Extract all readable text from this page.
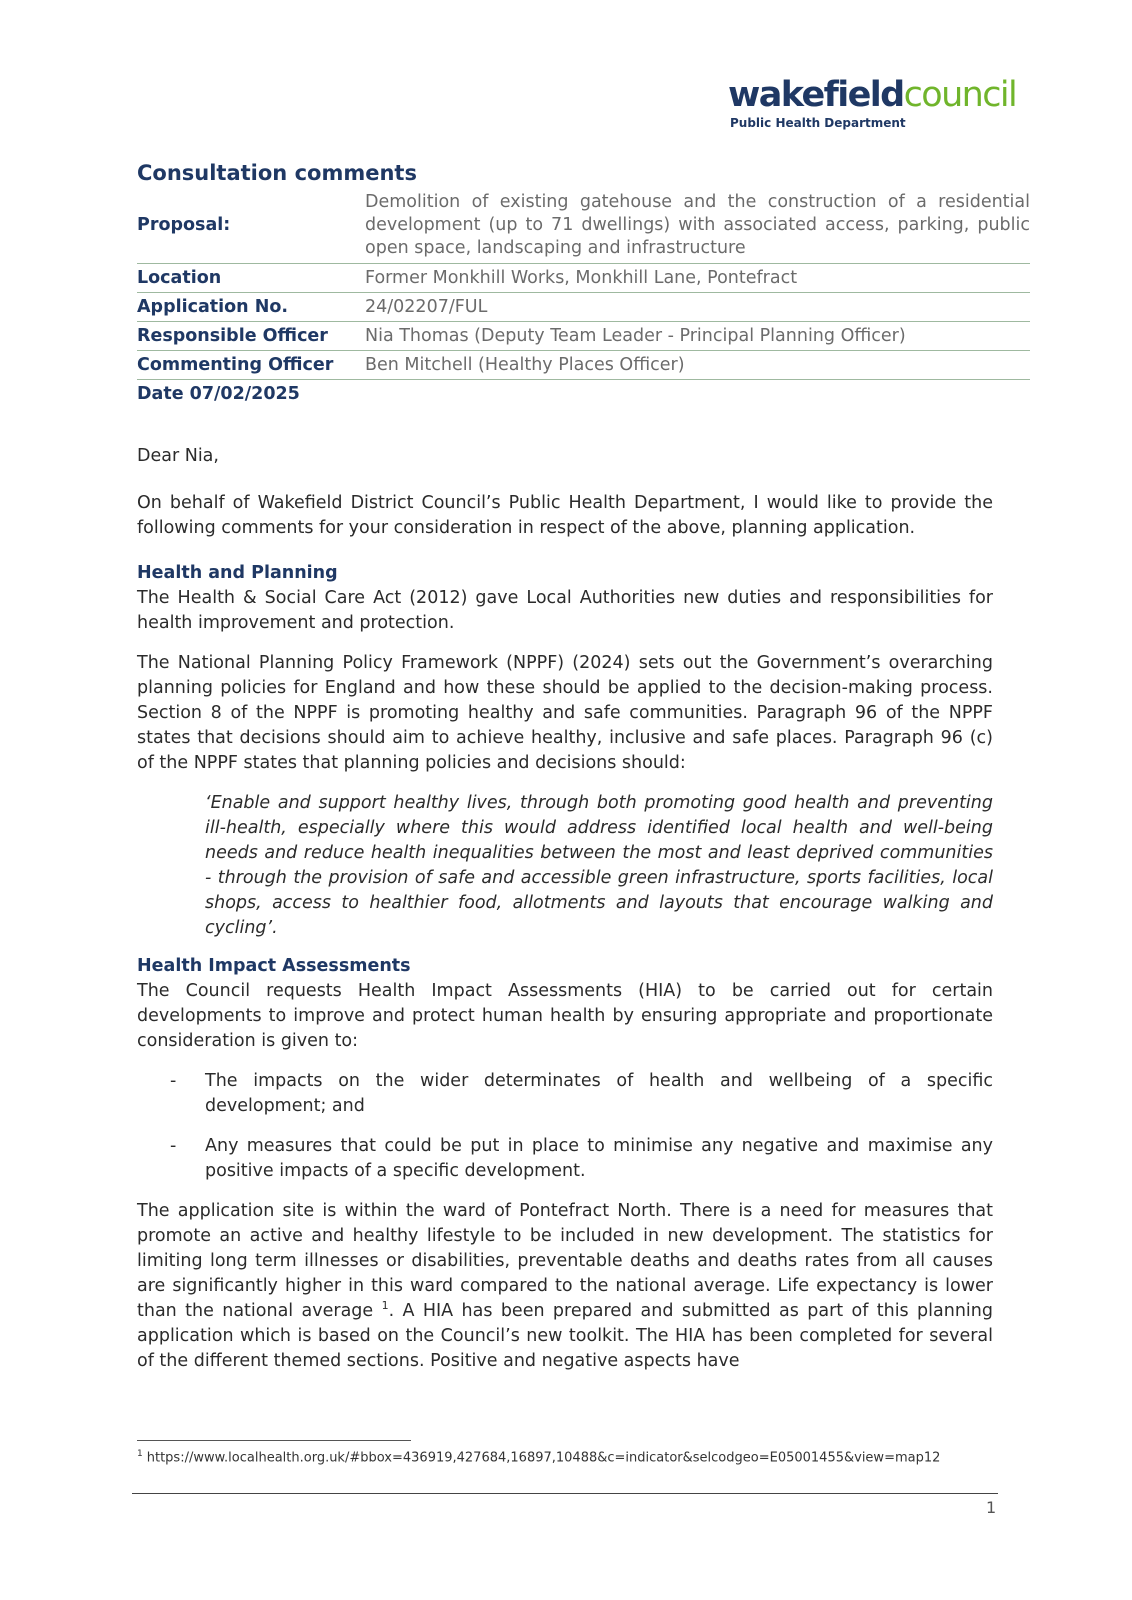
wakefieldcouncil
Public Health Department
Consultation comments
Proposal:	Demolition of existing gatehouse and the construction of a residential development (up to 71 dwellings) with associated access, parking, public open space, landscaping and infrastructure
Location	Former Monkhill Works, Monkhill Lane, Pontefract
Application No.	24/02207/FUL
Responsible Officer	Nia Thomas (Deputy Team Leader - Principal Planning Officer)
Commenting Officer	Ben Mitchell (Healthy Places Officer)
Date 07/02/2025	

Dear Nia,

On behalf of Wakefield District Council’s Public Health Department, I would like to provide the following comments for your consideration in respect of the above, planning application.

Health and Planning

The Health & Social Care Act (2012) gave Local Authorities new duties and responsibilities for health improvement and protection.

The National Planning Policy Framework (NPPF) (2024) sets out the Government’s overarching planning policies for England and how these should be applied to the decision-making process. Section 8 of the NPPF is promoting healthy and safe communities. Paragraph 96 of the NPPF states that decisions should aim to achieve healthy, inclusive and safe places. Paragraph 96 (c) of the NPPF states that planning policies and decisions should:

‘Enable and support healthy lives, through both promoting good health and preventing ill-health, especially where this would address identified local health and well-being needs and reduce health inequalities between the most and least deprived communities - through the provision of safe and accessible green infrastructure, sports facilities, local shops, access to healthier food, allotments and layouts that encourage walking and cycling’.

Health Impact Assessments

The Council requests Health Impact Assessments (HIA) to be carried out for certain developments to improve and protect human health by ensuring appropriate and proportionate consideration is given to:

- The impacts on the wider determinates of health and wellbeing of a specific development; and
- Any measures that could be put in place to minimise any negative and maximise any positive impacts of a specific development.

The application site is within the ward of Pontefract North. There is a need for measures that promote an active and healthy lifestyle to be included in new development. The statistics for limiting long term illnesses or disabilities, preventable deaths and deaths rates from all causes are significantly higher in this ward compared to the national average. Life expectancy is lower than the national average $^1$. A HIA has been prepared and submitted as part of this planning application which is based on the Council’s new toolkit. The HIA has been completed for several of the different themed sections. Positive and negative aspects have

$^1$ https://www.localhealth.org.uk/#bbox=436919,427684,16897,10488&c=indicator&selcodgeo=E05001455&view=map12
1
